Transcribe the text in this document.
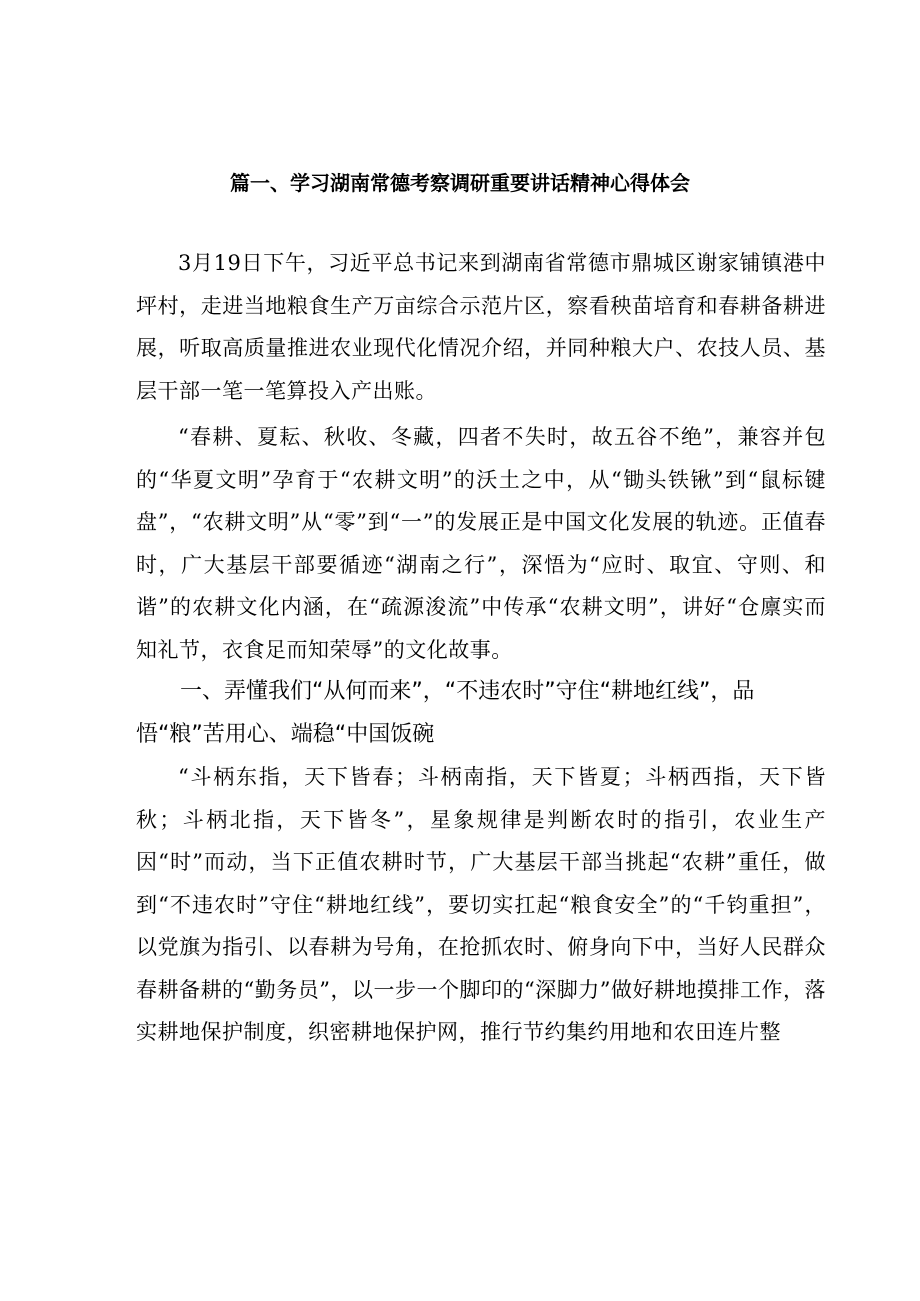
篇一、学习湖南常德考察调研重要讲话精神心得体会

3月19日下午，习近平总书记来到湖南省常德市鼎城区谢家铺镇港中坪村，走进当地粮食生产万亩综合示范片区，察看秧苗培育和春耕备耕进展，听取高质量推进农业现代化情况介绍，并同种粮大户、农技人员、基层干部一笔一笔算投入产出账。

“春耕、夏耘、秋收、冬藏，四者不失时，故五谷不绝”，兼容并包的“华夏文明”孕育于“农耕文明”的沃土之中，从“锄头铁锹”到“鼠标键盘”，“农耕文明”从“零”到“一”的发展正是中国文化发展的轨迹。正值春时，广大基层干部要循迹“湖南之行”，深悟为“应时、取宜、守则、和谐”的农耕文化内涵，在“疏源浚流”中传承“农耕文明”，讲好“仓廪实而知礼节，衣食足而知荣辱”的文化故事。

一、弄懂我们“从何而来”，“不违农时”守住“耕地红线”，品悟“粮”苦用心、端稳“中国饭碗

“斗柄东指，天下皆春；斗柄南指，天下皆夏；斗柄西指，天下皆秋；斗柄北指，天下皆冬”，星象规律是判断农时的指引，农业生产因“时”而动，当下正值农耕时节，广大基层干部当挑起“农耕”重任，做到“不违农时”守住“耕地红线”，要切实扛起“粮食安全”的“千钧重担”，以党旗为指引、以春耕为号角，在抢抓农时、俯身向下中，当好人民群众春耕备耕的“勤务员”，以一步一个脚印的“深脚力”做好耕地摸排工作，落实耕地保护制度，织密耕地保护网，推行节约集约用地和农田连片整
